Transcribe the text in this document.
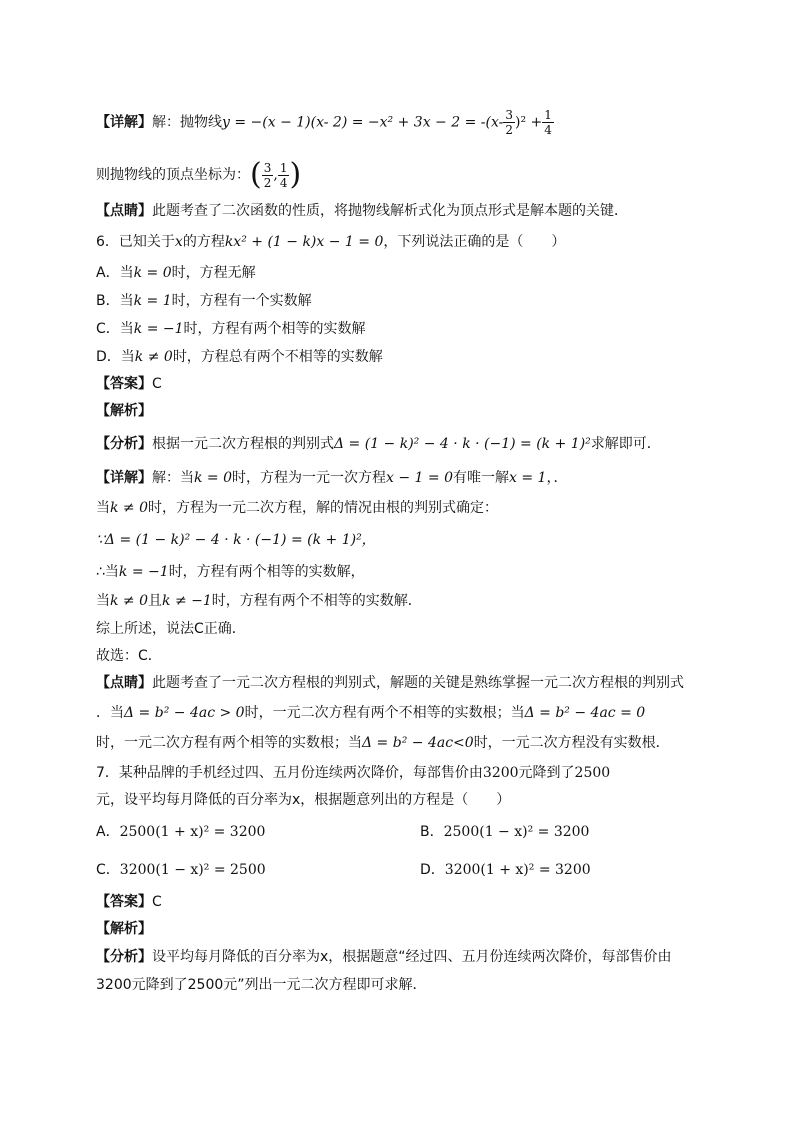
【详解】解：抛物线y = −(x − 1)(x- $2) = -x^2 + 3x - 2 = -(x- \frac{3}{2} )^2 + \frac{1}{4}$
则抛物线的顶点坐标为：( $\frac{3}{2}$ , $\frac{1}{4}$ )
【点睛】此题考查了二次函数的性质，将抛物线解析式化为顶点形式是解本题的关键．
6．已知关于x的方程kx² + (1 − k)x − 1 = 0，下列说法正确的是（　　）
A．当k = 0时，方程无解
B．当k = 1时，方程有一个实数解
C．当k = −1时，方程有两个相等的实数解
D．当k ≠ 0时，方程总有两个不相等的实数解
【答案】C
【解析】
【分析】根据一元二次方程根的判别式Δ = (1 − k)² − 4 · k · (−1) = (k + 1)²求解即可．
【详解】解：当k = 0时，方程为一元一次方程x − 1 = 0有唯一解x = 1，．
当k ≠ 0时，方程为一元二次方程，解的情况由根的判别式确定：
∵Δ = (1 − k)² − 4 · k · (−1) = (k + 1)²，
∴当k = −1时，方程有两个相等的实数解，
当k ≠ 0且k ≠ −1时，方程有两个不相等的实数解．
综上所述，说法C正确．
故选：C．
【点睛】此题考查了一元二次方程根的判别式，解题的关键是熟练掌握一元二次方程根的判别式
．当Δ = b² − 4ac > 0时，一元二次方程有两个不相等的实数根；当Δ = b² − 4ac = 0
时，一元二次方程有两个相等的实数根；当Δ = b² − 4ac<0时，一元二次方程没有实数根．
7．某种品牌的手机经过四、五月份连续两次降价，每部售价由3200元降到了2500
元，设平均每月降低的百分率为x，根据题意列出的方程是（　　）
A．2500(1 + x)² = 3200	B．2500(1 − x)² = 3200
C．3200(1 − x)² = 2500	D．3200(1 + x)² = 3200
【答案】C
【解析】
【分析】设平均每月降低的百分率为x，根据题意“经过四、五月份连续两次降价，每部售价由
3200元降到了2500元”列出一元二次方程即可求解．
